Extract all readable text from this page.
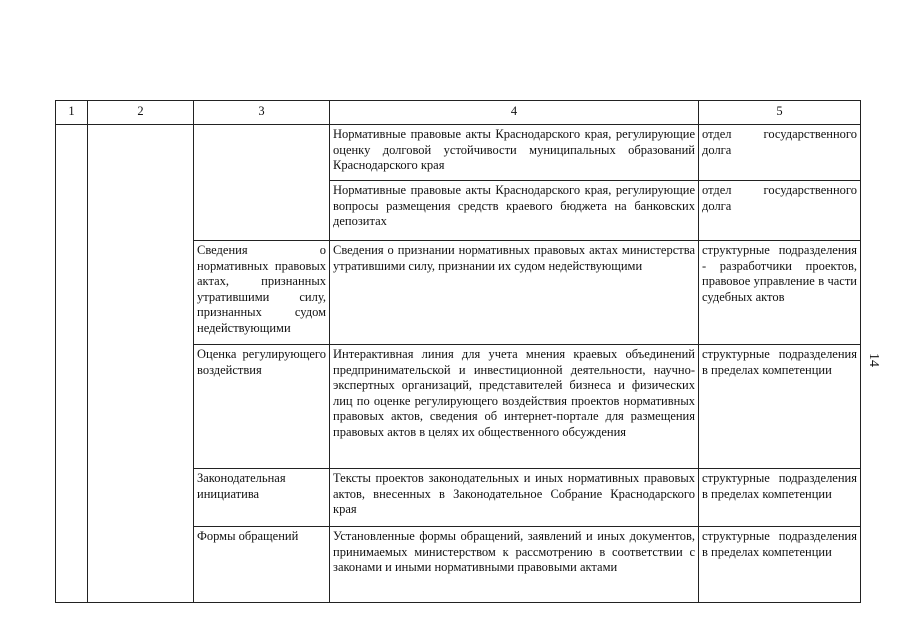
1	2	3	4	5
			Нормативные правовые акты Краснодарского края, регулирующие оценку долговой устойчивости муниципальных образований Краснодарского края	отдел государственного долга
			Нормативные правовые акты Краснодарского края, регулирующие вопросы размещения средств краевого бюджета на банковских депозитах	отдел государственного долга
		Сведения о нормативных правовых актах, признанных утратившими силу, признанных судом недействующими	Сведения о признании нормативных правовых актах министерства утратившими силу, признании их судом недействующими	структурные подразделения - разработчики проектов, правовое управление в части судебных актов
		Оценка регулирующего воздействия	Интерактивная линия для учета мнения краевых объединений предпринимательской и инвестиционной деятельности, научно-экспертных организаций, представителей бизнеса и физических лиц по оценке регулирующего воздействия проектов нормативных правовых актов, сведения об интернет-портале для размещения правовых актов в целях их общественного обсуждения	структурные подразделения в пределах компетенции
		Законодательная инициатива	Тексты проектов законодательных и иных нормативных правовых актов, внесенных в Законодательное Собрание Краснодарского края	структурные подразделения в пределах компетенции
		Формы обращений	Установленные формы обращений, заявлений и иных документов, принимаемых министерством к рассмотрению в соответствии с законами и иными нормативными правовыми актами	структурные подразделения в пределах компетенции
14
